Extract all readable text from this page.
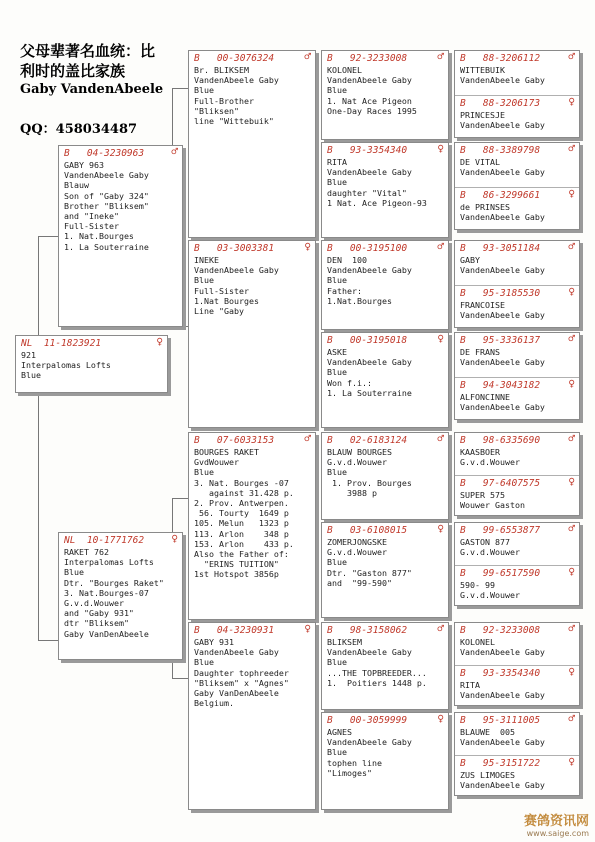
父母辈著名血统：比
利时的盖比家族
Gaby VandenAbeele
QQ：458034487
NL  11-1823921	♀
921
Interpalomas Lofts
Blue
B   04-3230963	♂
GABY 963
VandenAbeele Gaby
Blauw
Son of "Gaby 324"
Brother "Bliksem"
and "Ineke"
Full-Sister
1. Nat.Bourges
1. La Souterraine
NL  10-1771762	♀
RAKET 762
Interpalomas Lofts
Blue
Dtr. "Bourges Raket"
3. Nat.Bourges-07
G.v.d.Wouwer
and "Gaby 931"
dtr "Bliksem"
Gaby VanDenAbeele
B   00-3076324	♂
Br. BLIKSEM
VandenAbeele Gaby
Blue
Full-Brother
"Bliksen"
line "Wittebuik"
B   03-3003381	♀
INEKE
VandenAbeele Gaby
Blue
Full-Sister
1.Nat Bourges
Line "Gaby
B   07-6033153	♂
BOURGES RAKET
GvdWouwer
Blue
3. Nat. Bourges -07
against 31.428 p.
2. Prov. Antwerpen.
56. Tourty  1649 p
105. Melun   1323 p
113. Arlon    348 p
153. Arlon    433 p.
Also the Father of:
"ERINS TUITION"
1st Hotspot 3856p
B   04-3230931	♀
GABY 931
VandenAbeele Gaby
Blue
Daughter tophreeder
"Bliksem" x "Agnes"
Gaby VanDenAbeele
Belgium.
B   92-3233008	♂
KOLONEL
VandenAbeele Gaby
Blue
1. Nat Ace Pigeon
One-Day Races 1995
B   93-3354340	♀
RITA
VandenAbeele Gaby
Blue
daughter "Vital"
1 Nat. Ace Pigeon-93
B   00-3195100	♂
DEN  100
VandenAbeele Gaby
Blue
Father:
1.Nat.Bourges
B   00-3195018	♀
ASKE
VandenAbeele Gaby
Blue
Won f.i.:
1. La Souterraine
B   02-6183124	♂
BLAUW BOURGES
G.v.d.Wouwer
Blue
1. Prov. Bourges
3988 p
B   03-6108015	♀
ZOMERJONGSKE
G.v.d.Wouwer
Blue
Dtr. "Gaston 877"
and  "99-590"
B   98-3158062	♂
BLIKSEM
VandenAbeele Gaby
Blue
...THE TOPBREEDER...
1.  Poitiers 1448 p.
B   00-3059999	♀
AGNES
VandenAbeele Gaby
Blue
tophen line
"Limoges"
B   88-3206112	♂
WITTEBUIK
VandenAbeele Gaby
B   88-3206173	♀
PRINCESJE
VandenAbeele Gaby
B   88-3389798	♂
DE VITAL
VandenAbeele Gaby
B   86-3299661	♀
de PRINSES
VandenAbeele Gaby
B   93-3051184	♂
GABY
VandenAbeele Gaby
B   95-3185530	♀
FRANCOISE
VandenAbeele Gaby
B   95-3336137	♂
DE FRANS
VandenAbeele Gaby
B   94-3043182	♀
ALFONCINNE
VandenAbeele Gaby
B   98-6335690	♂
KAASBOER
G.v.d.Wouwer
B   97-6407575	♀
SUPER 575
Wouwer Gaston
B   99-6553877	♂
GASTON 877
G.v.d.Wouwer
B   99-6517590	♀
590- 99
G.v.d.Wouwer
B   92-3233008	♂
KOLONEL
VandenAbeele Gaby
B   93-3354340	♀
RITA
VandenAbeele Gaby
B   95-3111005	♂
BLAUWE  005
VandenAbeele Gaby
B   95-3151722	♀
ZUS LIMOGES
VandenAbeele Gaby
赛鸽资讯网
www.saige.com
